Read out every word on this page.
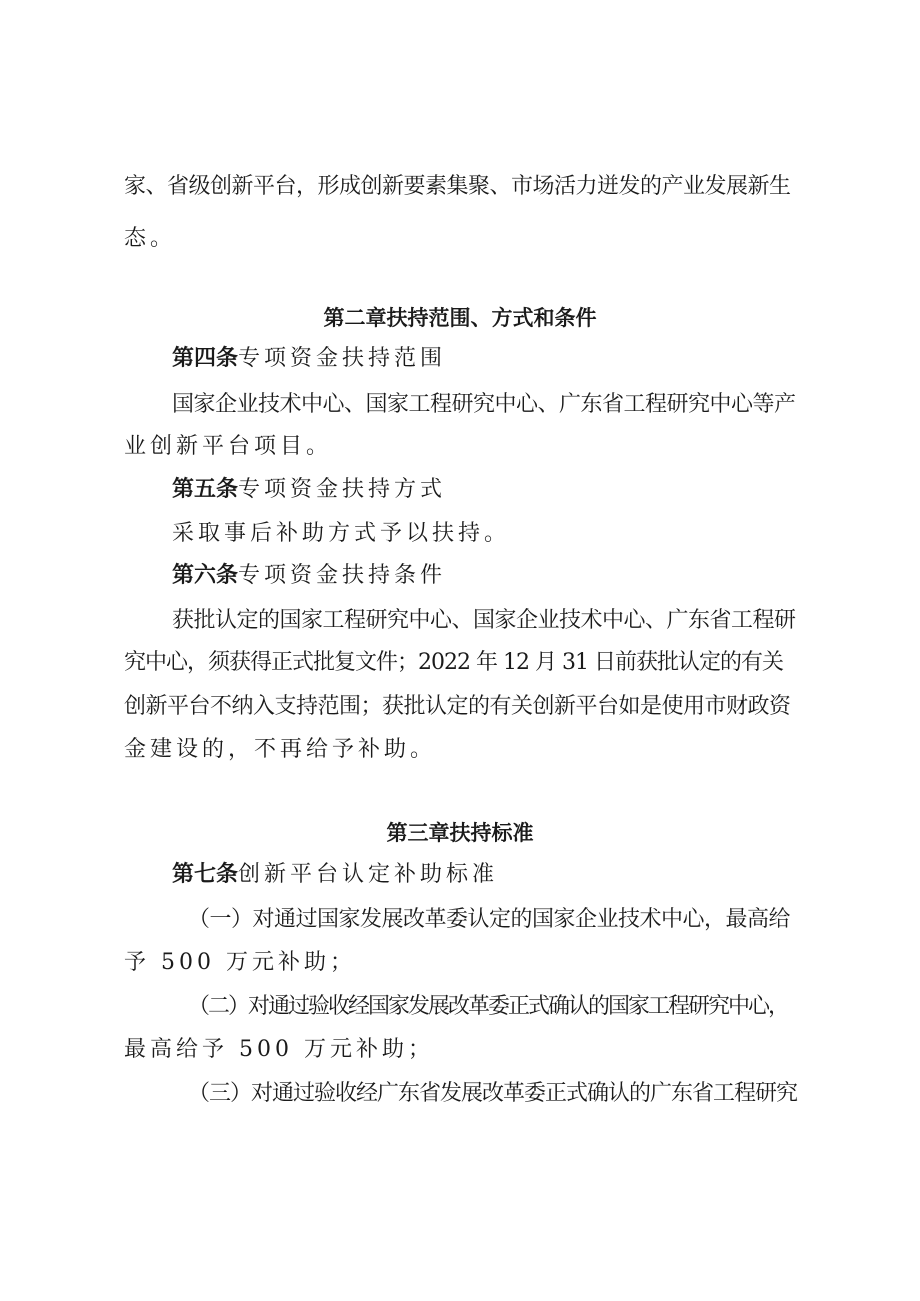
家、省级创新平台，形成创新要素集聚、市场活力迸发的产业发展新生
态。
第二章扶持范围、方式和条件
第四条专项资金扶持范围
国家企业技术中心、国家工程研究中心、广东省工程研究中心等产
业创新平台项目。
第五条专项资金扶持方式
采取事后补助方式予以扶持。
第六条专项资金扶持条件
获批认定的国家工程研究中心、国家企业技术中心、广东省工程研
究中心，须获得正式批复文件；2022 年 12 月 31 日前获批认定的有关
创新平台不纳入支持范围；获批认定的有关创新平台如是使用市财政资
金建设的，不再给予补助。
第三章扶持标准
第七条创新平台认定补助标准
（一）对通过国家发展改革委认定的国家企业技术中心，最高给
予 500 万元补助；
（二）对通过验收经国家发展改革委正式确认的国家工程研究中心，
最高给予 500 万元补助；
（三）对通过验收经广东省发展改革委正式确认的广东省工程研究
